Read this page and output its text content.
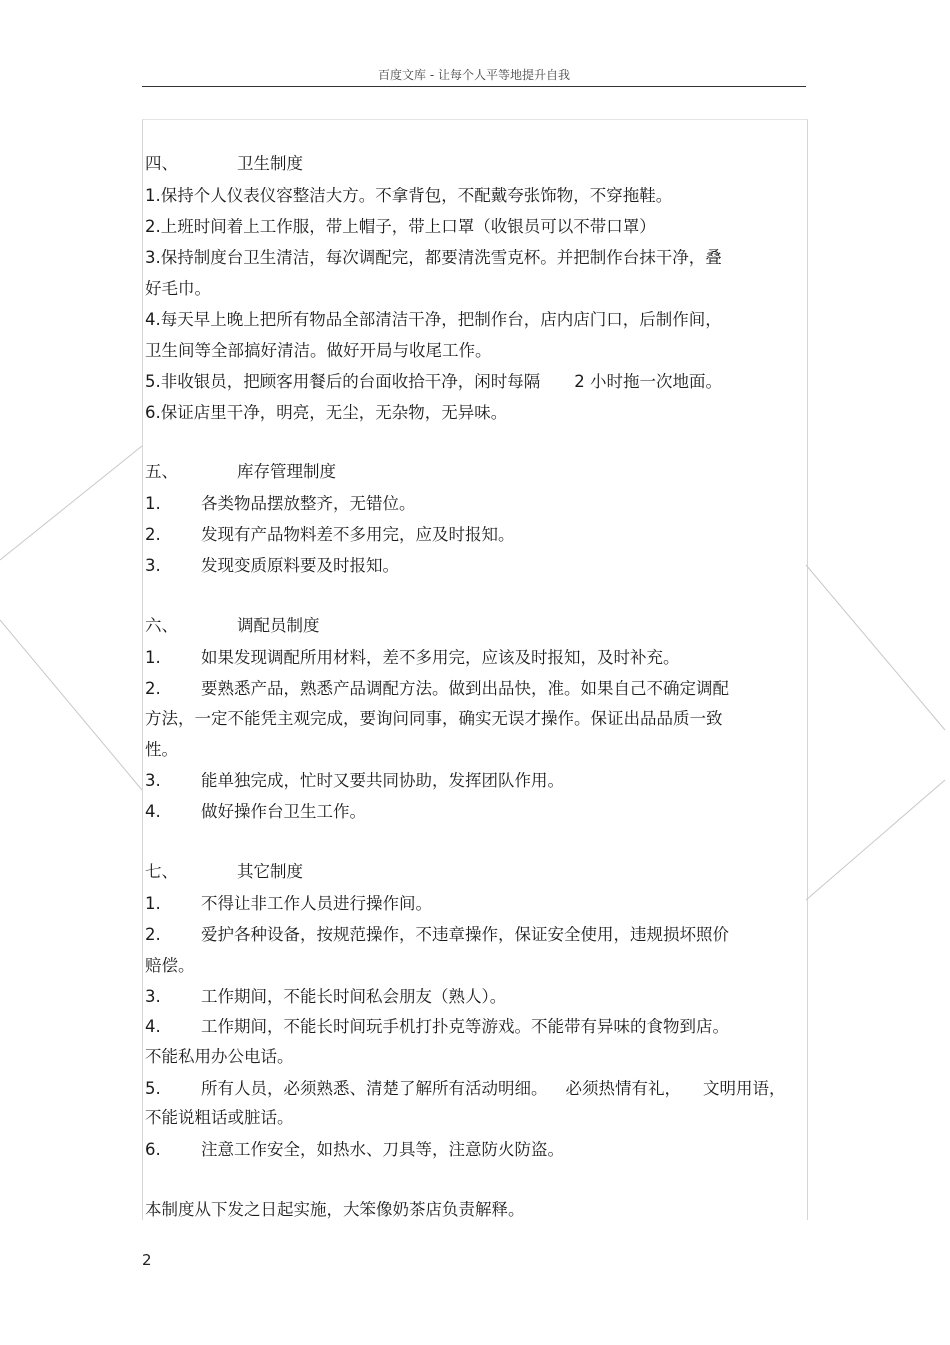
百度文库 - 让每个人平等地提升自我
四、	卫生制度
1.保持个人仪表仪容整洁大方。不拿背包，不配戴夸张饰物，不穿拖鞋。
2.上班时间着上工作服，带上帽子，带上口罩（收银员可以不带口罩）
3.保持制度台卫生清洁，每次调配完，都要清洗雪克杯。并把制作台抹干净，叠
好毛巾。
4.每天早上晚上把所有物品全部清洁干净，把制作台，店内店门口，后制作间，
卫生间等全部搞好清洁。做好开局与收尾工作。
5.非收银员，把顾客用餐后的台面收拾干净，闲时每隔 2 小时拖一次地面。
6.保证店里干净，明亮，无尘，无杂物，无异味。
五、	库存管理制度
1. 各类物品摆放整齐，无错位。
2. 发现有产品物料差不多用完，应及时报知。
3. 发现变质原料要及时报知。
六、	调配员制度
1. 如果发现调配所用材料，差不多用完，应该及时报知，及时补充。
2. 要熟悉产品，熟悉产品调配方法。做到出品快，准。如果自己不确定调配
方法，一定不能凭主观完成，要询问同事，确实无误才操作。保证出品品质一致
性。
3. 能单独完成，忙时又要共同协助，发挥团队作用。
4. 做好操作台卫生工作。
七、	其它制度
1. 不得让非工作人员进行操作间。
2. 爱护各种设备，按规范操作，不违章操作，保证安全使用，违规损坏照价
赔偿。
3. 工作期间，不能长时间私会朋友（熟人）。
4. 工作期间，不能长时间玩手机打扑克等游戏。不能带有异味的食物到店。
不能私用办公电话。
5. 所有人员，必须熟悉、清楚了解所有活动明细。 必须热情有礼， 文明用语，
不能说粗话或脏话。
6. 注意工作安全，如热水、刀具等，注意防火防盗。
本制度从下发之日起实施，大笨像奶茶店负责解释。
2
